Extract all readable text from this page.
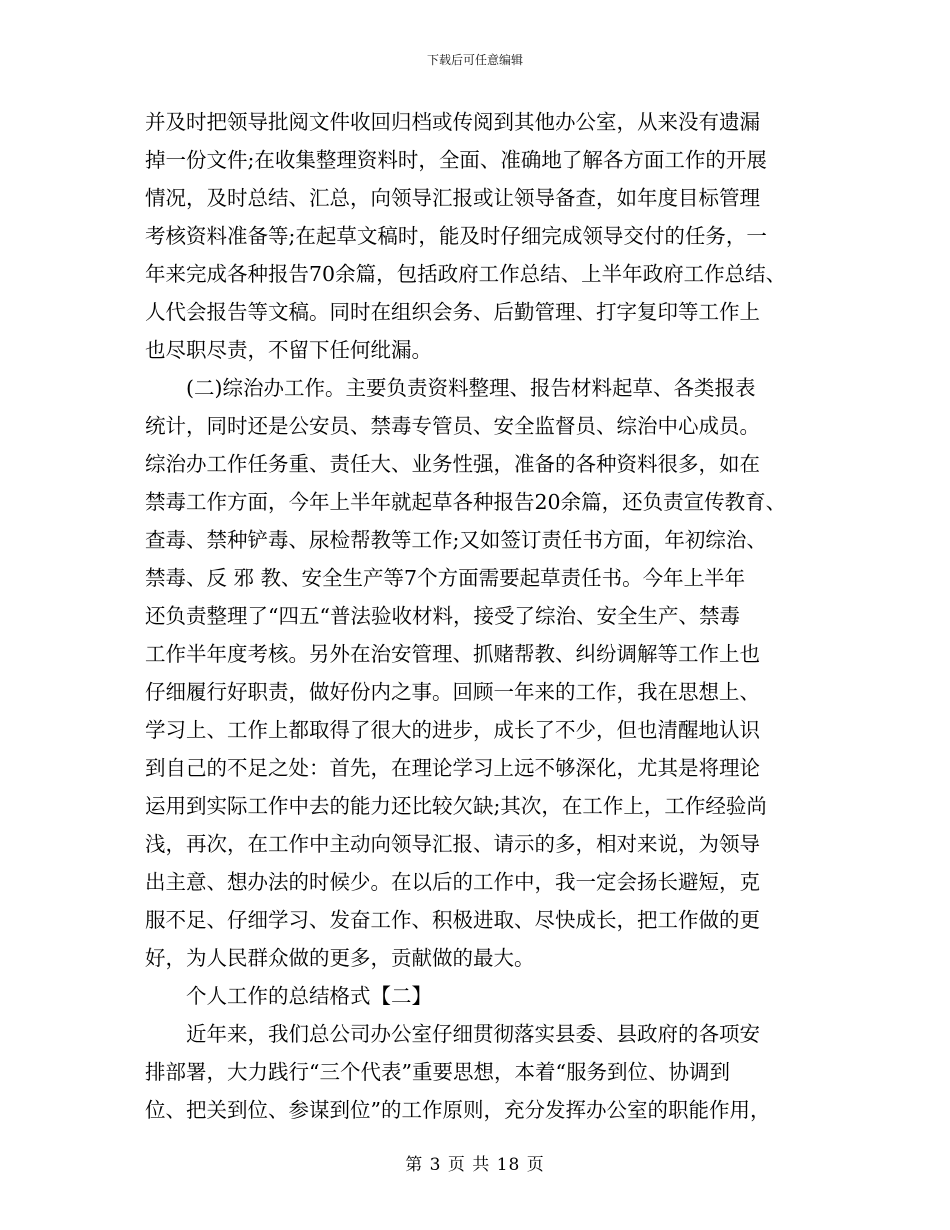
下载后可任意编辑
并及时把领导批阅文件收回归档或传阅到其他办公室，从来没有遗漏
掉一份文件;在收集整理资料时，全面、准确地了解各方面工作的开展
情况，及时总结、汇总，向领导汇报或让领导备查，如年度目标管理
考核资料准备等;在起草文稿时，能及时仔细完成领导交付的任务，一
年来完成各种报告70余篇，包括政府工作总结、上半年政府工作总结、
人代会报告等文稿。同时在组织会务、后勤管理、打字复印等工作上
也尽职尽责，不留下任何纰漏。
(二)综治办工作。主要负责资料整理、报告材料起草、各类报表
统计，同时还是公安员、禁毒专管员、安全监督员、综治中心成员。
综治办工作任务重、责任大、业务性强，准备的各种资料很多，如在
禁毒工作方面，今年上半年就起草各种报告20余篇，还负责宣传教育、
查毒、禁种铲毒、尿检帮教等工作;又如签订责任书方面，年初综治、
禁毒、反 邪 教、安全生产等7个方面需要起草责任书。今年上半年
还负责整理了“四五“普法验收材料，接受了综治、安全生产、禁毒
工作半年度考核。另外在治安管理、抓赌帮教、纠纷调解等工作上也
仔细履行好职责，做好份内之事。回顾一年来的工作，我在思想上、
学习上、工作上都取得了很大的进步，成长了不少，但也清醒地认识
到自己的不足之处：首先，在理论学习上远不够深化，尤其是将理论
运用到实际工作中去的能力还比较欠缺;其次，在工作上，工作经验尚
浅，再次，在工作中主动向领导汇报、请示的多，相对来说，为领导
出主意、想办法的时候少。在以后的工作中，我一定会扬长避短，克
服不足、仔细学习、发奋工作、积极进取、尽快成长，把工作做的更
好，为人民群众做的更多，贡献做的最大。
个人工作的总结格式【二】
近年来，我们总公司办公室仔细贯彻落实县委、县政府的各项安
排部署，大力践行“三个代表”重要思想，本着“服务到位、协调到
位、把关到位、参谋到位”的工作原则，充分发挥办公室的职能作用，
第 3 页 共 18 页
